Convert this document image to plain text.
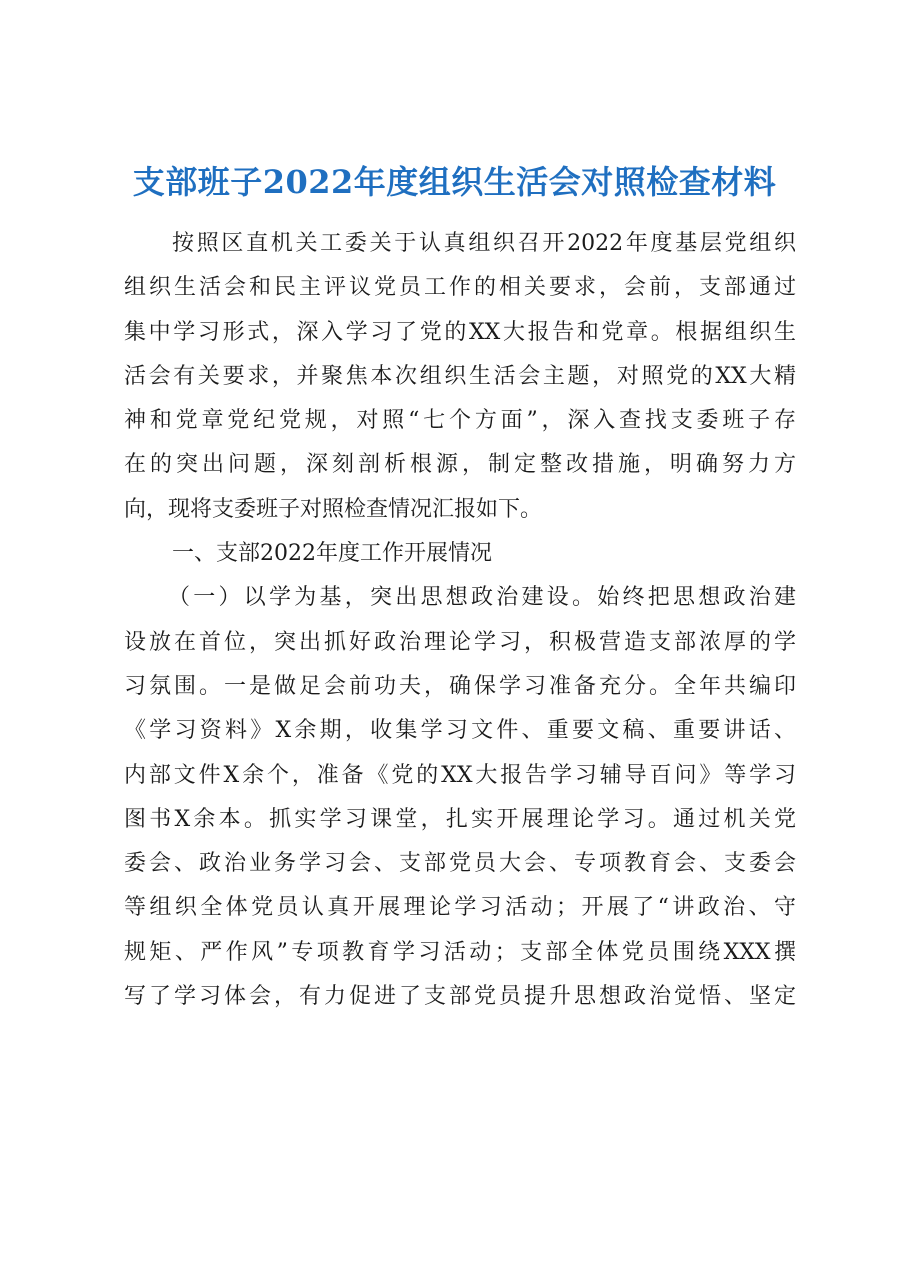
支部班子2022年度组织生活会对照检查材料
按照区直机关工委关于认真组织召开2022年度基层党组织
组织生活会和民主评议党员工作的相关要求，会前，支部通过
集中学习形式，深入学习了党的XX大报告和党章。根据组织生
活会有关要求，并聚焦本次组织生活会主题，对照党的XX大精
神和党章党纪党规，对照“七个方面”，深入查找支委班子存
在的突出问题，深刻剖析根源，制定整改措施，明确努力方
向，现将支委班子对照检查情况汇报如下。
一、支部2022年度工作开展情况
（一）以学为基，突出思想政治建设。始终把思想政治建
设放在首位，突出抓好政治理论学习，积极营造支部浓厚的学
习氛围。一是做足会前功夫，确保学习准备充分。全年共编印
《学习资料》X余期，收集学习文件、重要文稿、重要讲话、
内部文件X余个，准备《党的XX大报告学习辅导百问》等学习
图书X余本。抓实学习课堂，扎实开展理论学习。通过机关党
委会、政治业务学习会、支部党员大会、专项教育会、支委会
等组织全体党员认真开展理论学习活动；开展了“讲政治、守
规矩、严作风”专项教育学习活动；支部全体党员围绕XXX撰
写了学习体会，有力促进了支部党员提升思想政治觉悟、坚定
